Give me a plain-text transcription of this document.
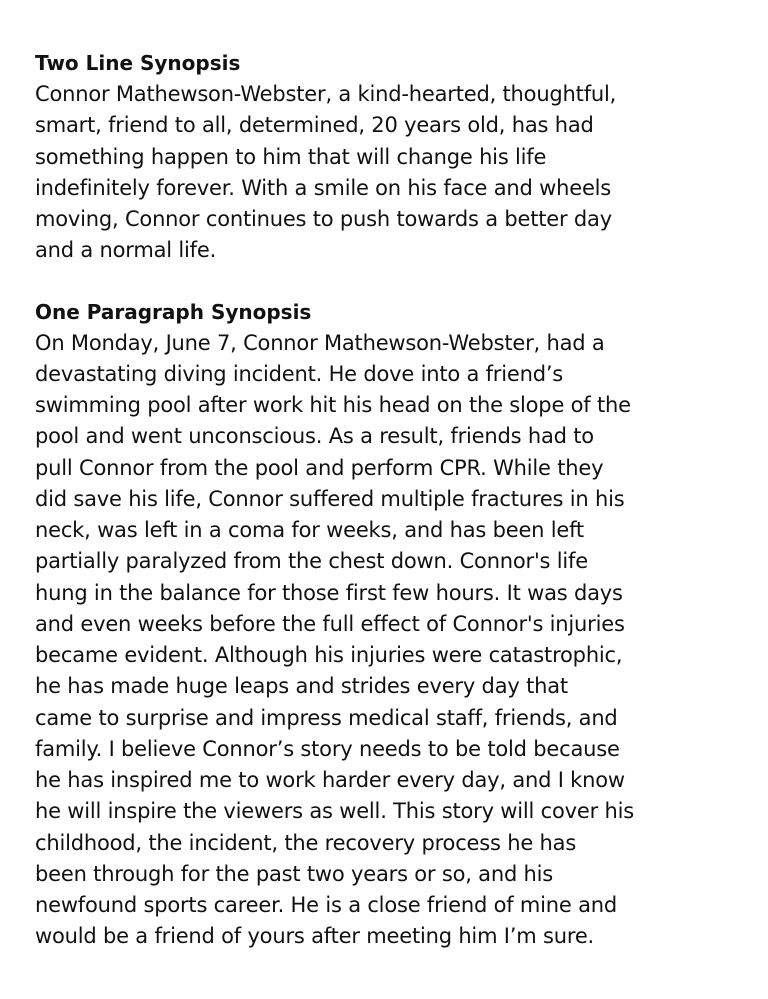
Two Line Synopsis
Connor Mathewson-Webster, a kind-hearted, thoughtful,
smart, friend to all, determined, 20 years old, has had
something happen to him that will change his life
indefinitely forever. With a smile on his face and wheels
moving, Connor continues to push towards a better day
and a normal life.
One Paragraph Synopsis
On Monday, June 7, Connor Mathewson-Webster, had a
devastating diving incident. He dove into a friend’s
swimming pool after work hit his head on the slope of the
pool and went unconscious. As a result, friends had to
pull Connor from the pool and perform CPR. While they
did save his life, Connor suffered multiple fractures in his
neck, was left in a coma for weeks, and has been left
partially paralyzed from the chest down. Connor's life
hung in the balance for those first few hours. It was days
and even weeks before the full effect of Connor's injuries
became evident. Although his injuries were catastrophic,
he has made huge leaps and strides every day that
came to surprise and impress medical staff, friends, and
family. I believe Connor’s story needs to be told because
he has inspired me to work harder every day, and I know
he will inspire the viewers as well. This story will cover his
childhood, the incident, the recovery process he has
been through for the past two years or so, and his
newfound sports career. He is a close friend of mine and
would be a friend of yours after meeting him I’m sure.
